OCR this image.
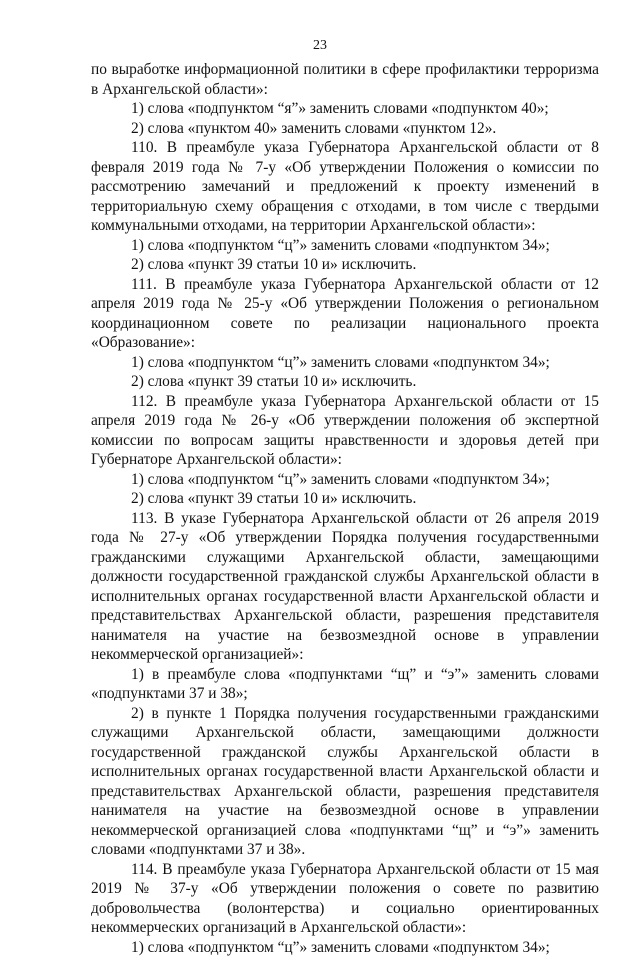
23

по выработке информационной политики в сфере профилактики терроризма в Архангельской области»:

1) слова «подпунктом “я”» заменить словами «подпунктом 40»;

2) слова «пунктом 40» заменить словами «пунктом 12».

110. В преамбуле указа Губернатора Архангельской области от 8 февраля 2019 года № 7-у «Об утверждении Положения о комиссии по рассмотрению замечаний и предложений к проекту изменений в территориальную схему обращения с отходами, в том числе с твердыми коммунальными отходами, на территории Архангельской области»:

1) слова «подпунктом “ц”» заменить словами «подпунктом 34»;

2) слова «пункт 39 статьи 10 и» исключить.

111. В преамбуле указа Губернатора Архангельской области от 12 апреля 2019 года № 25-у «Об утверждении Положения о региональном координационном совете по реализации национального проекта «Образование»:

1) слова «подпунктом “ц”» заменить словами «подпунктом 34»;

2) слова «пункт 39 статьи 10 и» исключить.

112. В преамбуле указа Губернатора Архангельской области от 15 апреля 2019 года № 26-у «Об утверждении положения об экспертной комиссии по вопросам защиты нравственности и здоровья детей при Губернаторе Архангельской области»:

1) слова «подпунктом “ц”» заменить словами «подпунктом 34»;

2) слова «пункт 39 статьи 10 и» исключить.

113. В указе Губернатора Архангельской области от 26 апреля 2019 года № 27-у «Об утверждении Порядка получения государственными гражданскими служащими Архангельской области, замещающими должности государственной гражданской службы Архангельской области в исполнительных органах государственной власти Архангельской области и представительствах Архангельской области, разрешения представителя нанимателя на участие на безвозмездной основе в управлении некоммерческой организацией»:

1) в преамбуле слова «подпунктами “щ” и “э”» заменить словами «подпунктами 37 и 38»;

2) в пункте 1 Порядка получения государственными гражданскими служащими Архангельской области, замещающими должности государственной гражданской службы Архангельской области в исполнительных органах государственной власти Архангельской области и представительствах Архангельской области, разрешения представителя нанимателя на участие на безвозмездной основе в управлении некоммерческой организацией слова «подпунктами “щ” и “э”» заменить словами «подпунктами 37 и 38».

114. В преамбуле указа Губернатора Архангельской области от 15 мая 2019 № 37-у «Об утверждении положения о совете по развитию добровольчества (волонтерства) и социально ориентированных некоммерческих организаций в Архангельской области»:

1) слова «подпунктом “ц”» заменить словами «подпунктом 34»;
